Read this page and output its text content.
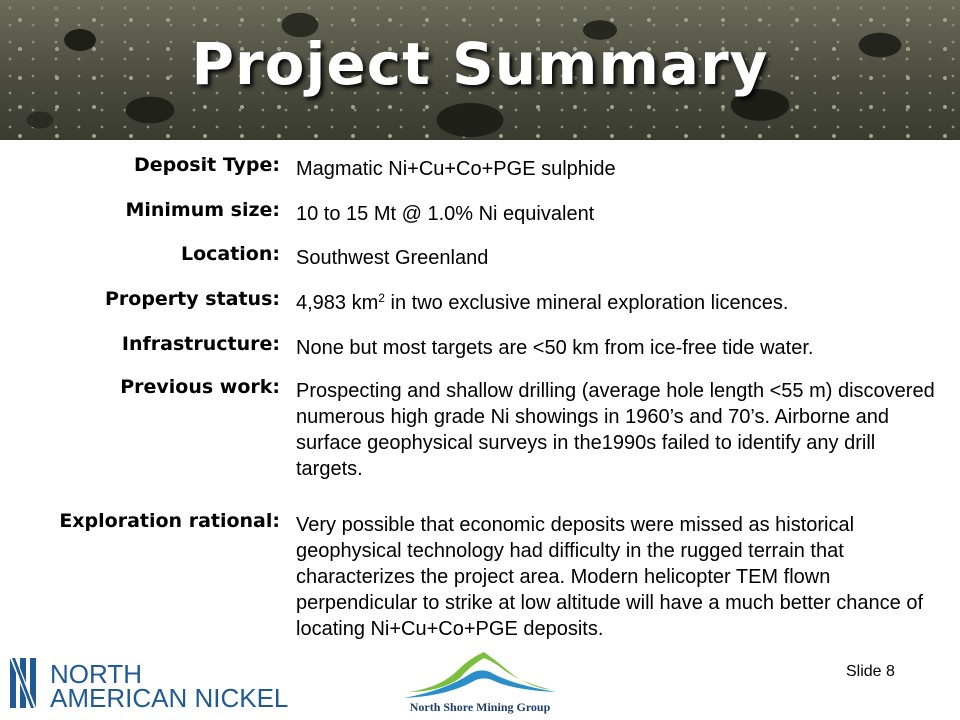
Project Summary
Deposit Type: Magmatic Ni+Cu+Co+PGE sulphide
Minimum size: 10 to 15 Mt @ 1.0% Ni equivalent
Location: Southwest Greenland
Property status: 4,983 $km^2$ in two exclusive mineral exploration licences.
Infrastructure: None but most targets are <50 km from ice-free tide water.
Previous work: Prospecting and shallow drilling (average hole length <55 m) discovered numerous high grade Ni showings in 1960’s and 70’s. Airborne and surface geophysical surveys in the1990s failed to identify any drill targets.
Exploration rational: Very possible that economic deposits were missed as historical geophysical technology had difficulty in the rugged terrain that characterizes the project area. Modern helicopter TEM flown perpendicular to strike at low altitude will have a much better chance of locating Ni+Cu+Co+PGE deposits.
NORTH
AMERICAN NICKEL	North Shore Mining Group
Slide 8
